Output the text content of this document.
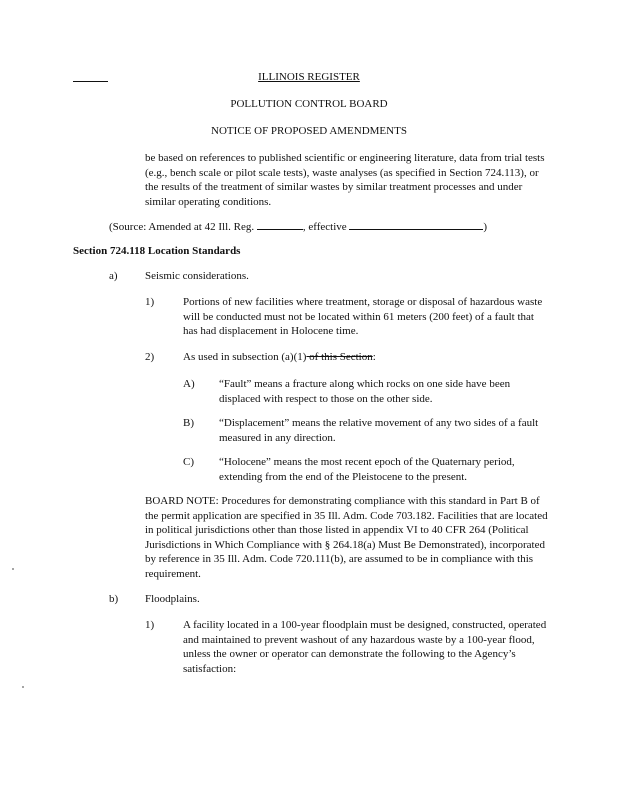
ILLINOIS REGISTER
POLLUTION CONTROL BOARD
NOTICE OF PROPOSED AMENDMENTS

be based on references to published scientific or engineering literature, data from trial tests (e.g., bench scale or pilot scale tests), waste analyses (as specified in Section 724.113), or the results of the treatment of similar wastes by similar treatment processes and under similar operating conditions.

(Source: Amended at 42 Ill. Reg.	, effective	)
Section 724.118 Location Standards
a) Seismic considerations.
1)	Portions of new facilities where treatment, storage or disposal of hazardous waste will be conducted must not be located within 61 meters (200 feet) of a fault that has had displacement in Holocene time.

2)	As used in subsection (a)(1) of this Section:
A) “Fault” means a fracture along which rocks on one side have been displaced with respect to those on the other side.

B) “Displacement” means the relative movement of any two sides of a fault measured in any direction.

C) “Holocene” means the most recent epoch of the Quaternary period, extending from the end of the Pleistocene to the present.

BOARD NOTE: Procedures for demonstrating compliance with this standard in Part B of the permit application are specified in 35 Ill. Adm. Code 703.182. Facilities that are located in political jurisdictions other than those listed in appendix VI to 40 CFR 264 (Political Jurisdictions in Which Compliance with § 264.18(a) Must Be Demonstrated), incorporated by reference in 35 Ill. Adm. Code 720.111(b), are assumed to be in compliance with this requirement.

b) Floodplains.
1)	A facility located in a 100-year floodplain must be designed, constructed, operated and maintained to prevent washout of any hazardous waste by a 100-year flood, unless the owner or operator can demonstrate the following to the Agency’s satisfaction:
